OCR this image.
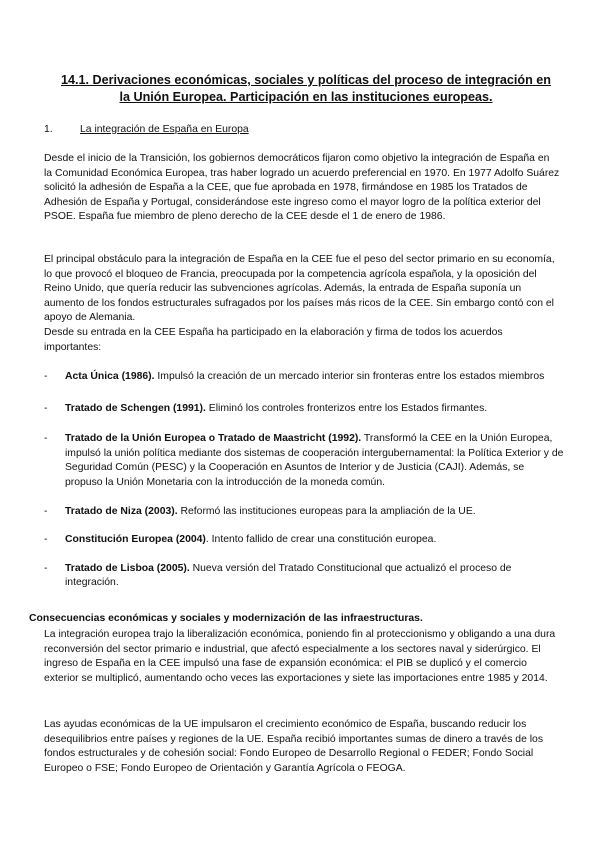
14.1. Derivaciones económicas, sociales y políticas del proceso de integración en
la Unión Europea. Participación en las instituciones europeas.
1.	La integración de España en Europa

Desde el inicio de la Transición, los gobiernos democráticos fijaron como objetivo la integración de España en la Comunidad Económica Europea, tras haber logrado un acuerdo preferencial en 1970. En 1977 Adolfo Suárez solicitó la adhesión de España a la CEE, que fue aprobada en 1978, firmándose en 1985 los Tratados de Adhesión de España y Portugal, considerándose este ingreso como el mayor logro de la política exterior del PSOE. España fue miembro de pleno derecho de la CEE desde el 1 de enero de 1986.

El principal obstáculo para la integración de España en la CEE fue el peso del sector primario en su economía, lo que provocó el bloqueo de Francia, preocupada por la competencia agrícola española, y la oposición del Reino Unido, que quería reducir las subvenciones agrícolas. Además, la entrada de España suponía un aumento de los fondos estructurales sufragados por los países más ricos de la CEE. Sin embargo contó con el apoyo de Alemania.
Desde su entrada en la CEE España ha participado en la elaboración y firma de todos los acuerdos importantes:
- Acta Única (1986). Impulsó la creación de un mercado interior sin fronteras entre los estados miembros
- Tratado de Schengen (1991). Eliminó los controles fronterizos entre los Estados firmantes.
- Tratado de la Unión Europea o Tratado de Maastricht (1992). Transformó la CEE en la Unión Europea, impulsó la unión política mediante dos sistemas de cooperación intergubernamental: la Política Exterior y de Seguridad Común (PESC) y la Cooperación en Asuntos de Interior y de Justicia (CAJI). Además, se propuso la Unión Monetaria con la introducción de la moneda común.
- Tratado de Niza (2003). Reformó las instituciones europeas para la ampliación de la UE.
- Constitución Europea (2004). Intento fallido de crear una constitución europea.
- Tratado de Lisboa (2005). Nueva versión del Tratado Constitucional que actualizó el proceso de integración.
Consecuencias económicas y sociales y modernización de las infraestructuras.

La integración europea trajo la liberalización económica, poniendo fin al proteccionismo y obligando a una dura reconversión del sector primario e industrial, que afectó especialmente a los sectores naval y siderúrgico. El ingreso de España en la CEE impulsó una fase de expansión económica: el PIB se duplicó y el comercio exterior se multiplicó, aumentando ocho veces las exportaciones y siete las importaciones entre 1985 y 2014.

Las ayudas económicas de la UE impulsaron el crecimiento económico de España, buscando reducir los desequilibrios entre países y regiones de la UE. España recibió importantes sumas de dinero a través de los fondos estructurales y de cohesión social: Fondo Europeo de Desarrollo Regional o FEDER; Fondo Social Europeo o FSE; Fondo Europeo de Orientación y Garantía Agrícola o FEOGA.
